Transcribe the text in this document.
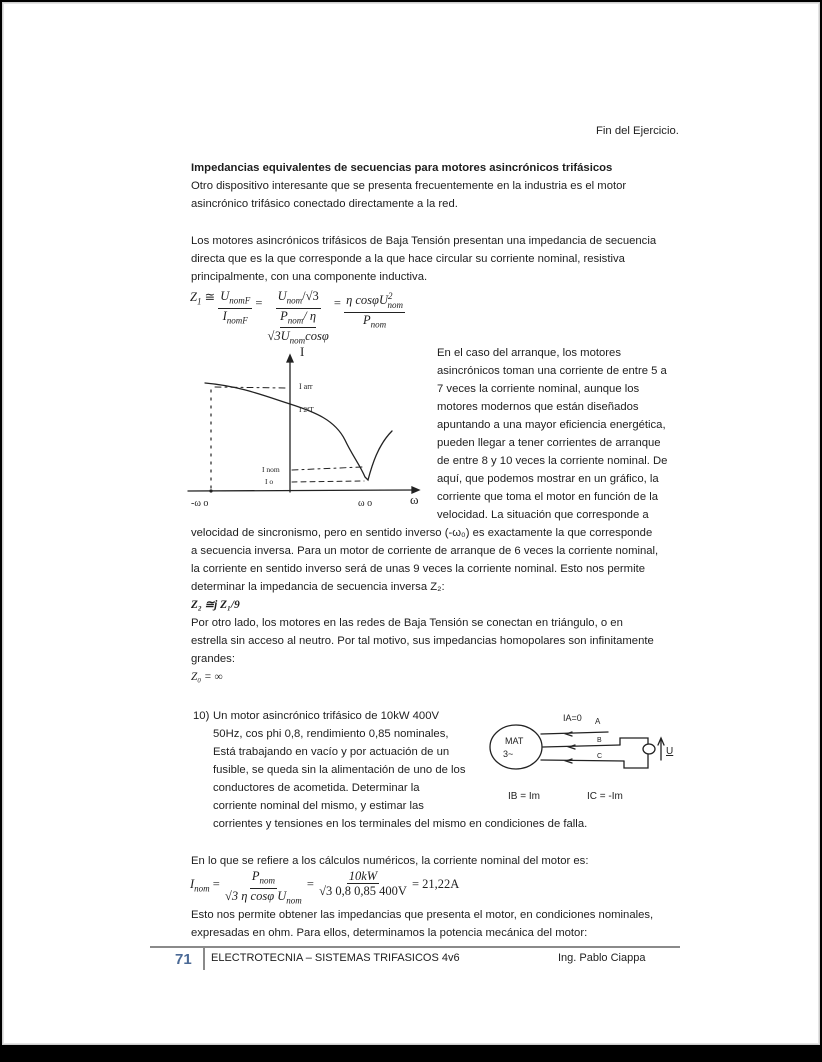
Fin del Ejercicio.
Impedancias equivalentes de secuencias para motores asincrónicos trifásicos
Otro dispositivo interesante que se presenta frecuentemente en la industria es el motor
asincrónico trifásico conectado directamente a la red.
Los motores asincrónicos trifásicos de Baja Tensión presentan una impedancia de secuencia
directa que es la que corresponde a la que hace circular su corriente nominal, resistiva
principalmente, con una componente inductiva.
$Z_1$ ≅ $\frac{U_{nomF}}{I_{nomF}} = U_{nom}/√3$
$P_{nom}/$ η
$√3U_{nom}\cos\varphi = \frac{\eta \cos\varphi U^2_{nom}}{P_{nom}}$
I
I arr
I 2ªT
I nom
I o
-ω o	ω o	ω
En el caso del arranque, los motores
asincrónicos toman una corriente de entre 5 a
7 veces la corriente nominal, aunque los
motores modernos que están diseñados
apuntando a una mayor eficiencia energética,
pueden llegar a tener corrientes de arranque
de entre 8 y 10 veces la corriente nominal. De
aquí, que podemos mostrar en un gráfico, la
corriente que toma el motor en función de la
velocidad. La situación que corresponde a
velocidad de sincronismo, pero en sentido inverso (-ω₀) es exactamente la que corresponde
a secuencia inversa. Para un motor de corriente de arranque de 6 veces la corriente nominal,
la corriente en sentido inverso será de unas 9 veces la corriente nominal. Esto nos permite
determinar la impedancia de secuencia inversa Z₂:
Z₂ ≅j Z₁/9
Por otro lado, los motores en las redes de Baja Tensión se conectan en triángulo, o en
estrella sin acceso al neutro. Por tal motivo, sus impedancias homopolares son infinitamente
grandes:
Z₀ = ∞
10) Un motor asincrónico trifásico de 10kW 400V
50Hz, cos phi 0,8, rendimiento 0,85 nominales,
Está trabajando en vacío y por actuación de un
fusible, se queda sin la alimentación de uno de los
conductores de acometida. Determinar la
corriente nominal del mismo, y estimar las
corrientes y tensiones en los terminales del mismo en condiciones de falla.
MAT
3~
IA=0 A
B
C	U
IB = Im	IC = -Im
En lo que se refiere a los cálculos numéricos, la corriente nominal del motor es:
$I_{nom} = \frac{P_{nom}}{√3 \eta \cos\varphi U_{nom}} = \frac{10kW}{√3 0,8 0,85 400V} = 21,22A$
Esto nos permite obtener las impedancias que presenta el motor, en condiciones nominales,
expresadas en ohm. Para ellos, determinamos la potencia mecánica del motor:
71 ELECTROTECNIA – SISTEMAS TRIFASICOS 4v6	Ing. Pablo Ciappa
